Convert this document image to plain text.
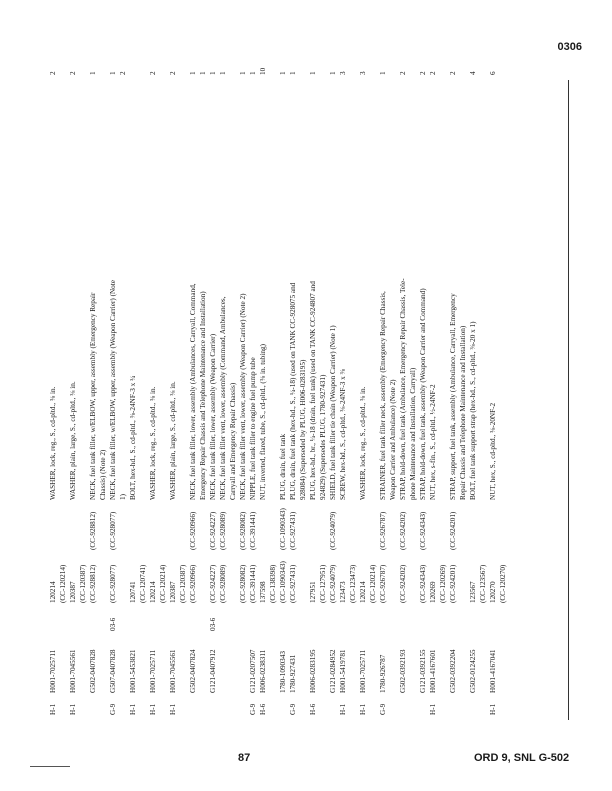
0306
H-1
H001-7025711
120214
WASHER, lock, reg., S., cd-pltd., ⅜ in.
2
(CC-120214)
H-1
H001-7045561
120387
WASHER, plain, large, S., cd-pltd., ⅜ in.
2
(CC-120387)
G502-0407828
(CC-928812)
(CC-928812)
NECK, fuel tank filler, w/ELBOW, upper, assembly (Emergency Repair
1
Chassis) (Note 2)
G-9
G507-0407828
03-6
(CC-928077)
(CC-928077)
NECK, fuel tank filler, w/ELBOW, upper, assembly (Weapon Carrier) (Note
1
1)
2
H-1
H001-5453821
120741
BOLT, hex-hd., S., cd-pltd., ⅜-24NF-3 x ¾
(CC-120741)
H-1
H001-7025711
120214
WASHER, lock, reg., S., cd-pltd., ⅜ in.
2
(CC-120214)
H-1
H001-7045561
120387
WASHER, plain, large, S., cd-pltd., ⅜ in.
2
(CC-120387)
G502-0407824
(CC-920966)
(CC-920966)
NECK, fuel tank filler, lower, assembly (Ambulances, Carryall, Command,
1
Emergency Repair Chassis and Telephone Maintenance and Installation)
1
G121-0407912
03-6
(CC-924227)
(CC-924227)
NECK, fuel tank filler, lower, assembly (Weapon Carrier)
1
(CC-928089)
(CC-928089)
NECK, fuel tank filler vent, lower, assembly (Command, Ambulances,
1
Carryall and Emergency Repair Chassis)
(CC-928082)
(CC-928082)
NECK, fuel tank filler vent, lower, assembly (Weapon Carrier) (Note 2)
1
G-9
G121-0207507
(CC-391441)
(CC-391441)
NIPPLE, fuel tank filler to engine fuel pump tube
1
H-6
H006-0238311
137598
NUT, inverted, flared, tube, S., cd-pltd., (⅜ in. tubing)
10
(CC-138398)
1780-1090343
(CC-1090343)
(CC-1090343)
PLUG, drain, fuel tank
1
G-9
1780-927431
(CC-927431)
(CC-927431)
PLUG, drain, fuel tank (hex-hd., S., ¼-18) (used on TANK CC-928075 and
1
928084) (Superseded by PLUG, H006-0283195)
H-6
H006-0283195
127951
PLUG, hex-hd., br., ¼-18 (drain, fuel tank) (used on TANK CC-924807 and
1
(CC-127951)
924829) (Supersedes PLUG, 1780-927431)
G121-0284952
(CC-924079)
(CC-924079)
SHIELD, fuel tank filler tie chain (Weapon Carrier) (Note 1)
1
H-1
H001-5419781
123473
SCREW, hex-hd., S., cd-pltd., ⅜-24NF-3 x ⅜
3
(CC-123473)
H-1
H001-7025711
120214
WASHER, lock, reg., S., cd-pltd., ⅜ in.
3
(CC-120214)
G-9
1780-926787
(CC-926787)
(CC-926787)
STRAINER, fuel tank filler neck, assembly (Emergency Repair Chassis,
1
Weapon Carrier and Ambulance) (Note 2)
G502-0392193
(CC-924202)
(CC-924202)
STRAP, hold-down, fuel tank (Ambulance, Emergency Repair Chassis, Tele-
2
phone Maintenance and Installation, Carryall)
G121-0392155
(CC-924343)
(CC-924343)
STRAP, hold-down, fuel tank, assembly (Weapon Carrier and Command)
2
H-1
H001-4167601
120269
NUT, hex, s-fin., S., cd-pltd., ½-24NF-2
2
(CC-120269)
G502-0392204
(CC-924201)
(CC-924201)
STRAP, support, fuel tank, assembly (Ambulance, Carryall, Emergency
2
Repair Chassis and Telephone Maintenance and Installation)
G502-0124255
123567
BOLT, fuel tank support strap (hex-hd., S., cd-pltd., ⅜-20 x 1)
4
(CC-123567)
H-1
H001-4167041
120270
NUT, hex, S., cd-pltd., ⅜-20NF-2
6
(CC-120270)
87	ORD 9, SNL G-502
